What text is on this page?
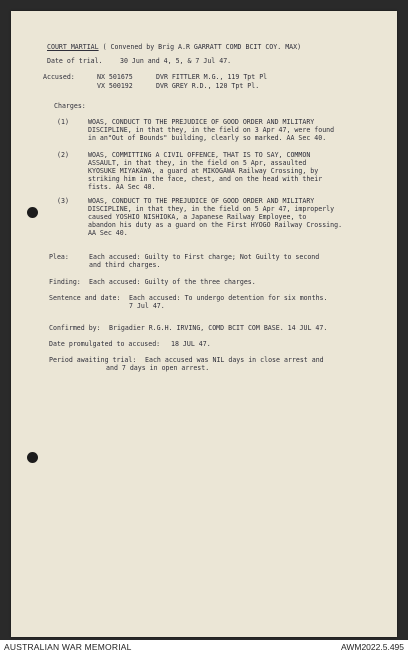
COURT MARTIAL ( Convened by Brig A.R GARRATT COMD BCIT COY. MAX)
Date of trial.	30 Jun and 4, 5, & 7 Jul 47.
Accused:	NX 501675	DVR FITTLER M.G., 119 Tpt Pl
VX 500192	DVR GREY R.D., 120 Tpt Pl.
Charges:
(1)	WOAS, CONDUCT TO THE PREJUDICE OF GOOD ORDER AND MILITARY
DISCIPLINE, in that they, in the field on 3 Apr 47, were found
in an"Out of Bounds" building, clearly so marked. AA Sec 40.
(2)	WOAS, COMMITTING A CIVIL OFFENCE, THAT IS TO SAY, COMMON
ASSAULT, in that they, in the field on 5 Apr, assaulted
KYOSUKE MIYAKAWA, a guard at MIKOGAWA Railway Crossing, by
striking him in the face, chest, and on the head with their
fists. AA Sec 40.
(3)	WOAS, CONDUCT TO THE PREJUDICE OF GOOD ORDER AND MILITARY
DISCIPLINE, in that they, in the field on 5 Apr 47, improperly
caused YOSHIO NISHIOKA, a Japanese Railway Employee, to
abandon his duty as a guard on the First HYOGO Railway Crossing.
AA Sec 40.
Plea:	Each accused: Guilty to First charge; Not Guilty to second
and third charges.
Finding: Each accused: Guilty of the three charges.
Sentence and date: Each accused: To undergo detention for six months.
7 Jul 47.
Confirmed by: Brigadier R.G.H. IRVING, COMD BCIT COM BASE. 14 JUL 47.
Date promulgated to accused: 18 JUL 47.
Period awaiting trial: Each accused was NIL days in close arrest and
and 7 days in open arrest.
AUSTRALIAN WAR MEMORIAL	AWM2022.5.495
